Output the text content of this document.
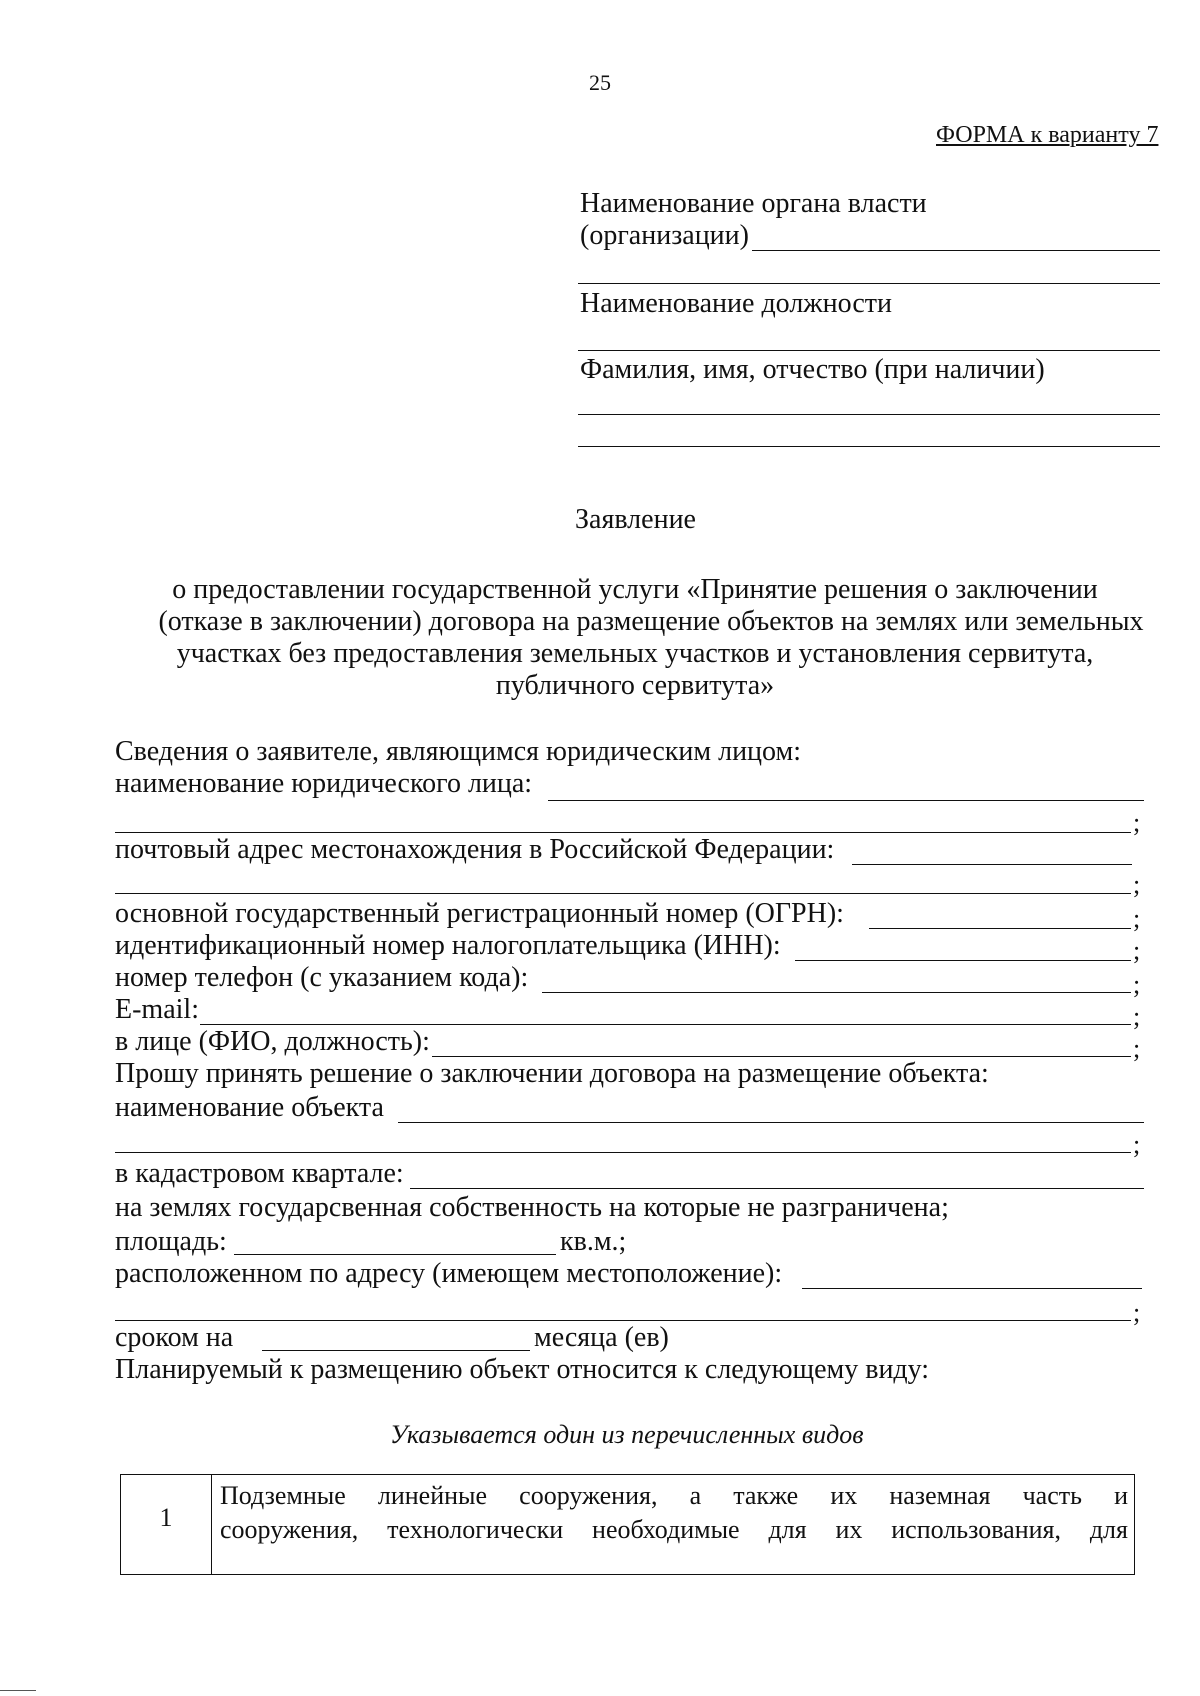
25
ФОРМА к варианту 7
Наименование органа власти
(организации)
Наименование должности
Фамилия, имя, отчество (при наличии)
Заявление
о предоставлении государственной услуги «Принятие решения о заключении
(отказе в заключении) договора на размещение объектов на землях или земельных
участках без предоставления земельных участков и установления сервитута,
публичного сервитута»
Сведения о заявителе, являющимся юридическим лицом:
наименование юридического лица:
;
почтовый адрес местонахождения в Российской Федерации:
;
основной государственный регистрационный номер (ОГРН):	;
идентификационный номер налогоплательщика (ИНН):	;
номер телефон (с указанием кода):	;
E-mail:	;
в лице (ФИО, должность):	;
Прошу принять решение о заключении договора на размещение объекта:
наименование объекта
;
в кадастровом квартале:
на землях государсвенная собственность на которые не разграничена;
площадь:	кв.м.;
расположенном по адресу (имеющем местоположение):
;
сроком на	месяца (ев)
Планируемый к размещению объект относится к следующему виду:
Указывается один из перечисленных видов
1	
Подземные линейные сооружения, а также их наземная часть и
сооружения, технологически необходимые для их использования, для
